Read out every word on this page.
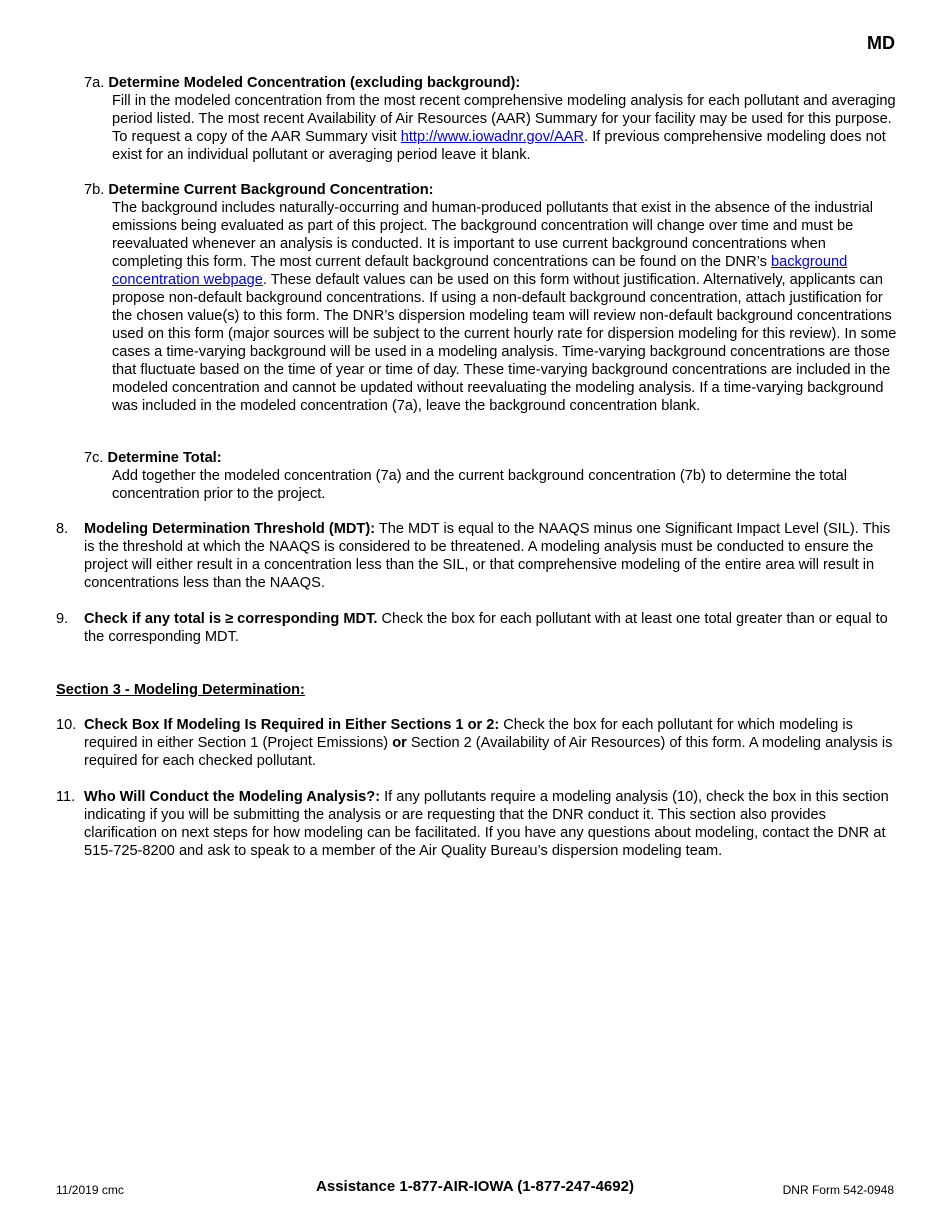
MD
7a. Determine Modeled Concentration (excluding background):
Fill in the modeled concentration from the most recent comprehensive modeling analysis for each pollutant and averaging period listed. The most recent Availability of Air Resources (AAR) Summary for your facility may be used for this purpose. To request a copy of the AAR Summary visit http://www.iowadnr.gov/AAR. If previous comprehensive modeling does not exist for an individual pollutant or averaging period leave it blank.
7b. Determine Current Background Concentration:
The background includes naturally-occurring and human-produced pollutants that exist in the absence of the industrial emissions being evaluated as part of this project. The background concentration will change over time and must be reevaluated whenever an analysis is conducted. It is important to use current background concentrations when completing this form. The most current default background concentrations can be found on the DNR’s background concentration webpage. These default values can be used on this form without justification. Alternatively, applicants can propose non-default background concentrations. If using a non-default background concentration, attach justification for the chosen value(s) to this form. The DNR’s dispersion modeling team will review non-default background concentrations used on this form (major sources will be subject to the current hourly rate for dispersion modeling for this review). In some cases a time-varying background will be used in a modeling analysis. Time-varying background concentrations are those that fluctuate based on the time of year or time of day. These time-varying background concentrations are included in the modeled concentration and cannot be updated without reevaluating the modeling analysis. If a time-varying background was included in the modeled concentration (7a), leave the background concentration blank.
7c. Determine Total:
Add together the modeled concentration (7a) and the current background concentration (7b) to determine the total concentration prior to the project.
8. Modeling Determination Threshold (MDT): The MDT is equal to the NAAQS minus one Significant Impact Level (SIL). This is the threshold at which the NAAQS is considered to be threatened. A modeling analysis must be conducted to ensure the project will either result in a concentration less than the SIL, or that comprehensive modeling of the entire area will result in concentrations less than the NAAQS.
9. Check if any total is ≥ corresponding MDT. Check the box for each pollutant with at least one total greater than or equal to the corresponding MDT.
Section 3 - Modeling Determination:
10. Check Box If Modeling Is Required in Either Sections 1 or 2: Check the box for each pollutant for which modeling is required in either Section 1 (Project Emissions) or Section 2 (Availability of Air Resources) of this form. A modeling analysis is required for each checked pollutant.
11. Who Will Conduct the Modeling Analysis?: If any pollutants require a modeling analysis (10), check the box in this section indicating if you will be submitting the analysis or are requesting that the DNR conduct it. This section also provides clarification on next steps for how modeling can be facilitated. If you have any questions about modeling, contact the DNR at 515-725-8200 and ask to speak to a member of the Air Quality Bureau’s dispersion modeling team.
11/2019 cmc	Assistance 1-877-AIR-IOWA (1-877-247-4692)	DNR Form 542-0948
